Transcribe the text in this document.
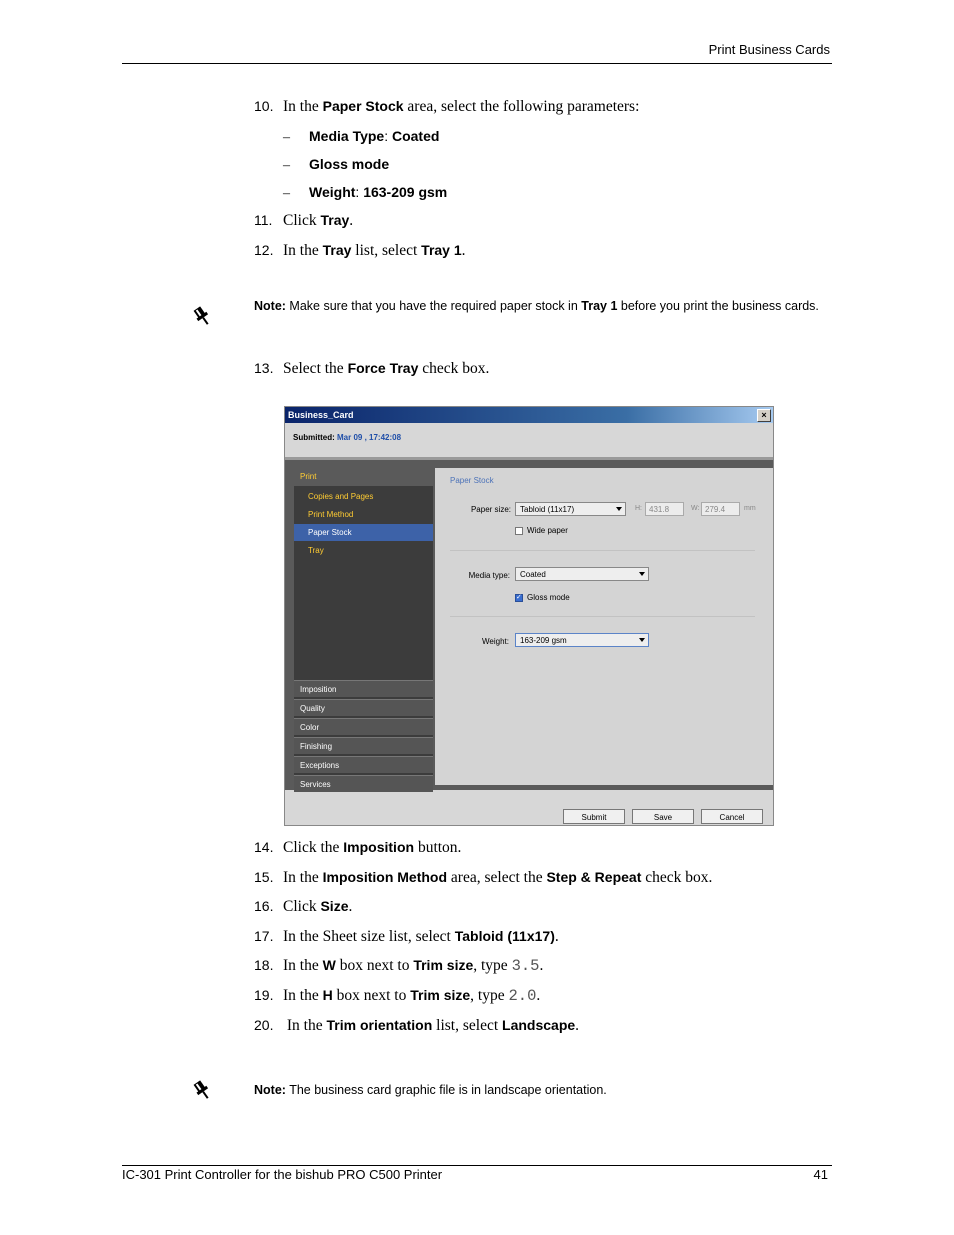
Print Business Cards
10. In the Paper Stock area, select the following parameters:
– Media Type: Coated
– Gloss mode
– Weight: 163-209 gsm
11. Click Tray.
12. In the Tray list, select Tray 1.
Note: Make sure that you have the required paper stock in Tray 1 before you print the business cards.
13. Select the Force Tray check box.
Business_Card	×
Submitted: Mar 09 , 17:42:08
Print
Copies and Pages
Print Method
Paper Stock
Tray
Imposition
Quality
Color
Finishing
Exceptions
Services
Paper Stock
Paper size:	Tabloid (11x17)	H: 431.8	W: 279.4	mm
Wide paper
Media type:	Coated
✓
Gloss mode
Weight:	163-209 gsm
Submit	Save	Cancel
14. Click the Imposition button.
15. In the Imposition Method area, select the Step & Repeat check box.
16. Click Size.
17. In the Sheet size list, select Tabloid (11x17).
18. In the W box next to Trim size, type 3.5.
19. In the H box next to Trim size, type 2.0.
20. In the Trim orientation list, select Landscape.
Note: The business card graphic file is in landscape orientation.
IC-301 Print Controller for the bishub PRO C500 Printer	41
